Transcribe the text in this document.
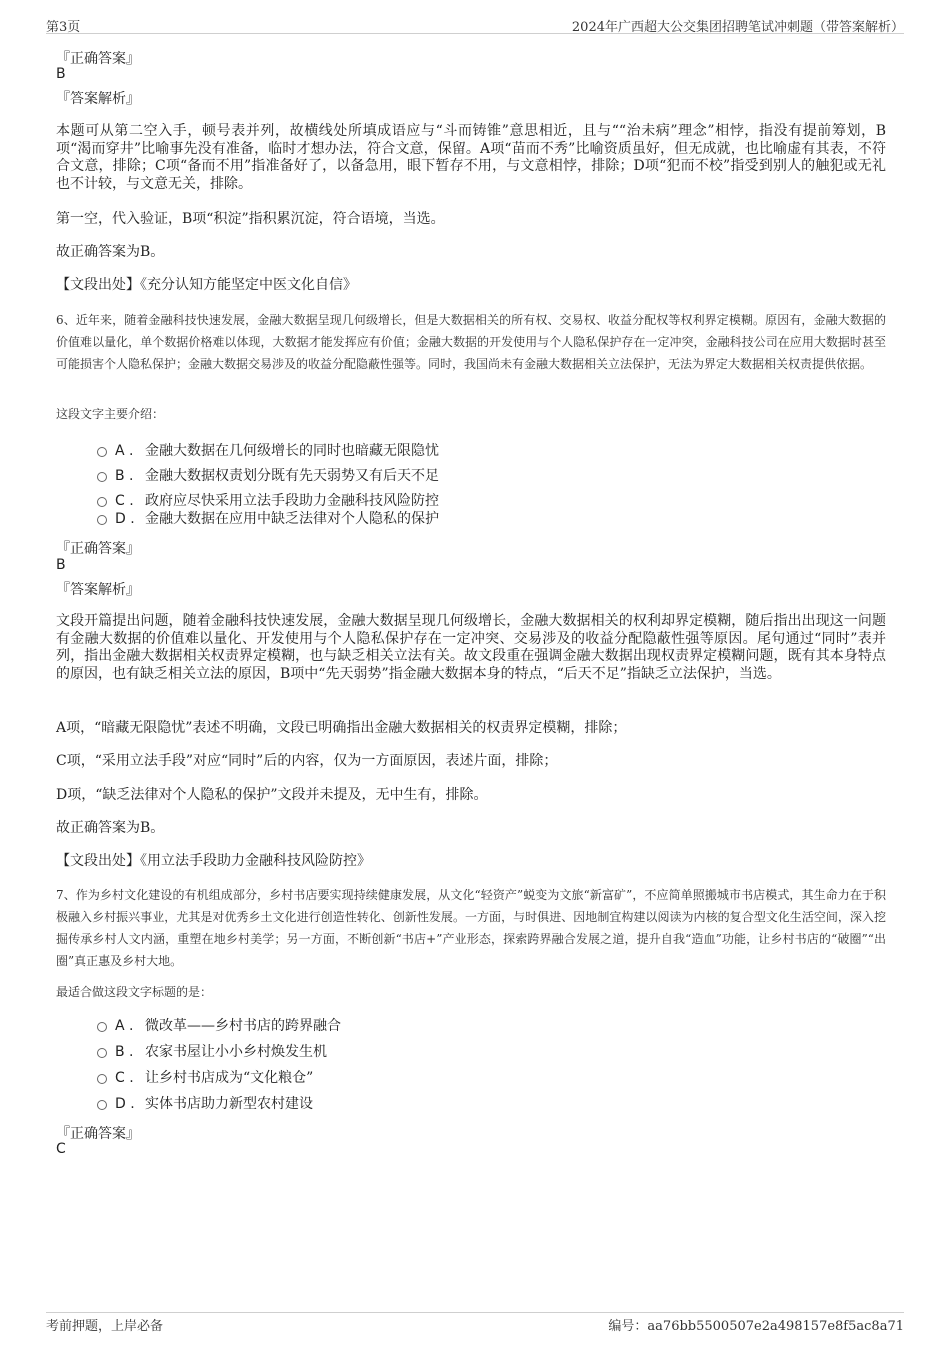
第3页	2024年广西超大公交集团招聘笔试冲刺题（带答案解析）
『正确答案』
B
『答案解析』

本题可从第二空入手，顿号表并列，故横线处所填成语应与“斗而铸锥”意思相近，且与““治未病”理念”相悖，指没有提前筹划，B项“渴而穿井”比喻事先没有准备，临时才想办法，符合文意，保留。A项“苗而不秀”比喻资质虽好，但无成就，也比喻虚有其表，不符合文意，排除；C项“备而不用”指准备好了，以备急用，眼下暂存不用，与文意相悖，排除；D项“犯而不校”指受到别人的触犯或无礼也不计较，与文意无关，排除。

第一空，代入验证，B项“积淀”指积累沉淀，符合语境，当选。

故正确答案为B。

【文段出处】《充分认知方能坚定中医文化自信》

6、近年来，随着金融科技快速发展，金融大数据呈现几何级增长，但是大数据相关的所有权、交易权、收益分配权等权利界定模糊。原因有，金融大数据的价值难以量化，单个数据价格难以体现，大数据才能发挥应有价值；金融大数据的开发使用与个人隐私保护存在一定冲突，金融科技公司在应用大数据时甚至可能损害个人隐私保护；金融大数据交易涉及的收益分配隐蔽性强等。同时，我国尚未有金融大数据相关立法保护，无法为界定大数据相关权责提供依据。

这段文字主要介绍：

A . 金融大数据在几何级增长的同时也暗藏无限隐忧
B . 金融大数据权责划分既有先天弱势又有后天不足
C . 政府应尽快采用立法手段助力金融科技风险防控
D . 金融大数据在应用中缺乏法律对个人隐私的保护
『正确答案』
B
『答案解析』

文段开篇提出问题，随着金融科技快速发展，金融大数据呈现几何级增长，金融大数据相关的权利却界定模糊，随后指出出现这一问题有金融大数据的价值难以量化、开发使用与个人隐私保护存在一定冲突、交易涉及的收益分配隐蔽性强等原因。尾句通过“同时”表并列，指出金融大数据相关权责界定模糊，也与缺乏相关立法有关。故文段重在强调金融大数据出现权责界定模糊问题，既有其本身特点的原因，也有缺乏相关立法的原因，B项中“先天弱势”指金融大数据本身的特点，“后天不足”指缺乏立法保护，当选。

A项，“暗藏无限隐忧”表述不明确，文段已明确指出金融大数据相关的权责界定模糊，排除；

C项，“采用立法手段”对应“同时”后的内容，仅为一方面原因，表述片面，排除；

D项，“缺乏法律对个人隐私的保护”文段并未提及，无中生有，排除。

故正确答案为B。

【文段出处】《用立法手段助力金融科技风险防控》

7、作为乡村文化建设的有机组成部分，乡村书店要实现持续健康发展，从文化“轻资产”蜕变为文旅“新富矿”，不应简单照搬城市书店模式，其生命力在于积极融入乡村振兴事业，尤其是对优秀乡土文化进行创造性转化、创新性发展。一方面，与时俱进、因地制宜构建以阅读为内核的复合型文化生活空间，深入挖掘传承乡村人文内涵，重塑在地乡村美学；另一方面，不断创新“书店+”产业形态，探索跨界融合发展之道，提升自我“造血”功能，让乡村书店的“破圈”“出圈”真正惠及乡村大地。

最适合做这段文字标题的是：

A . 微改革——乡村书店的跨界融合
B . 农家书屋让小小乡村焕发生机
C . 让乡村书店成为“文化粮仓”
D . 实体书店助力新型农村建设
『正确答案』
C
考前押题，上岸必备	编号：aa76bb5500507e2a498157e8f5ac8a71
